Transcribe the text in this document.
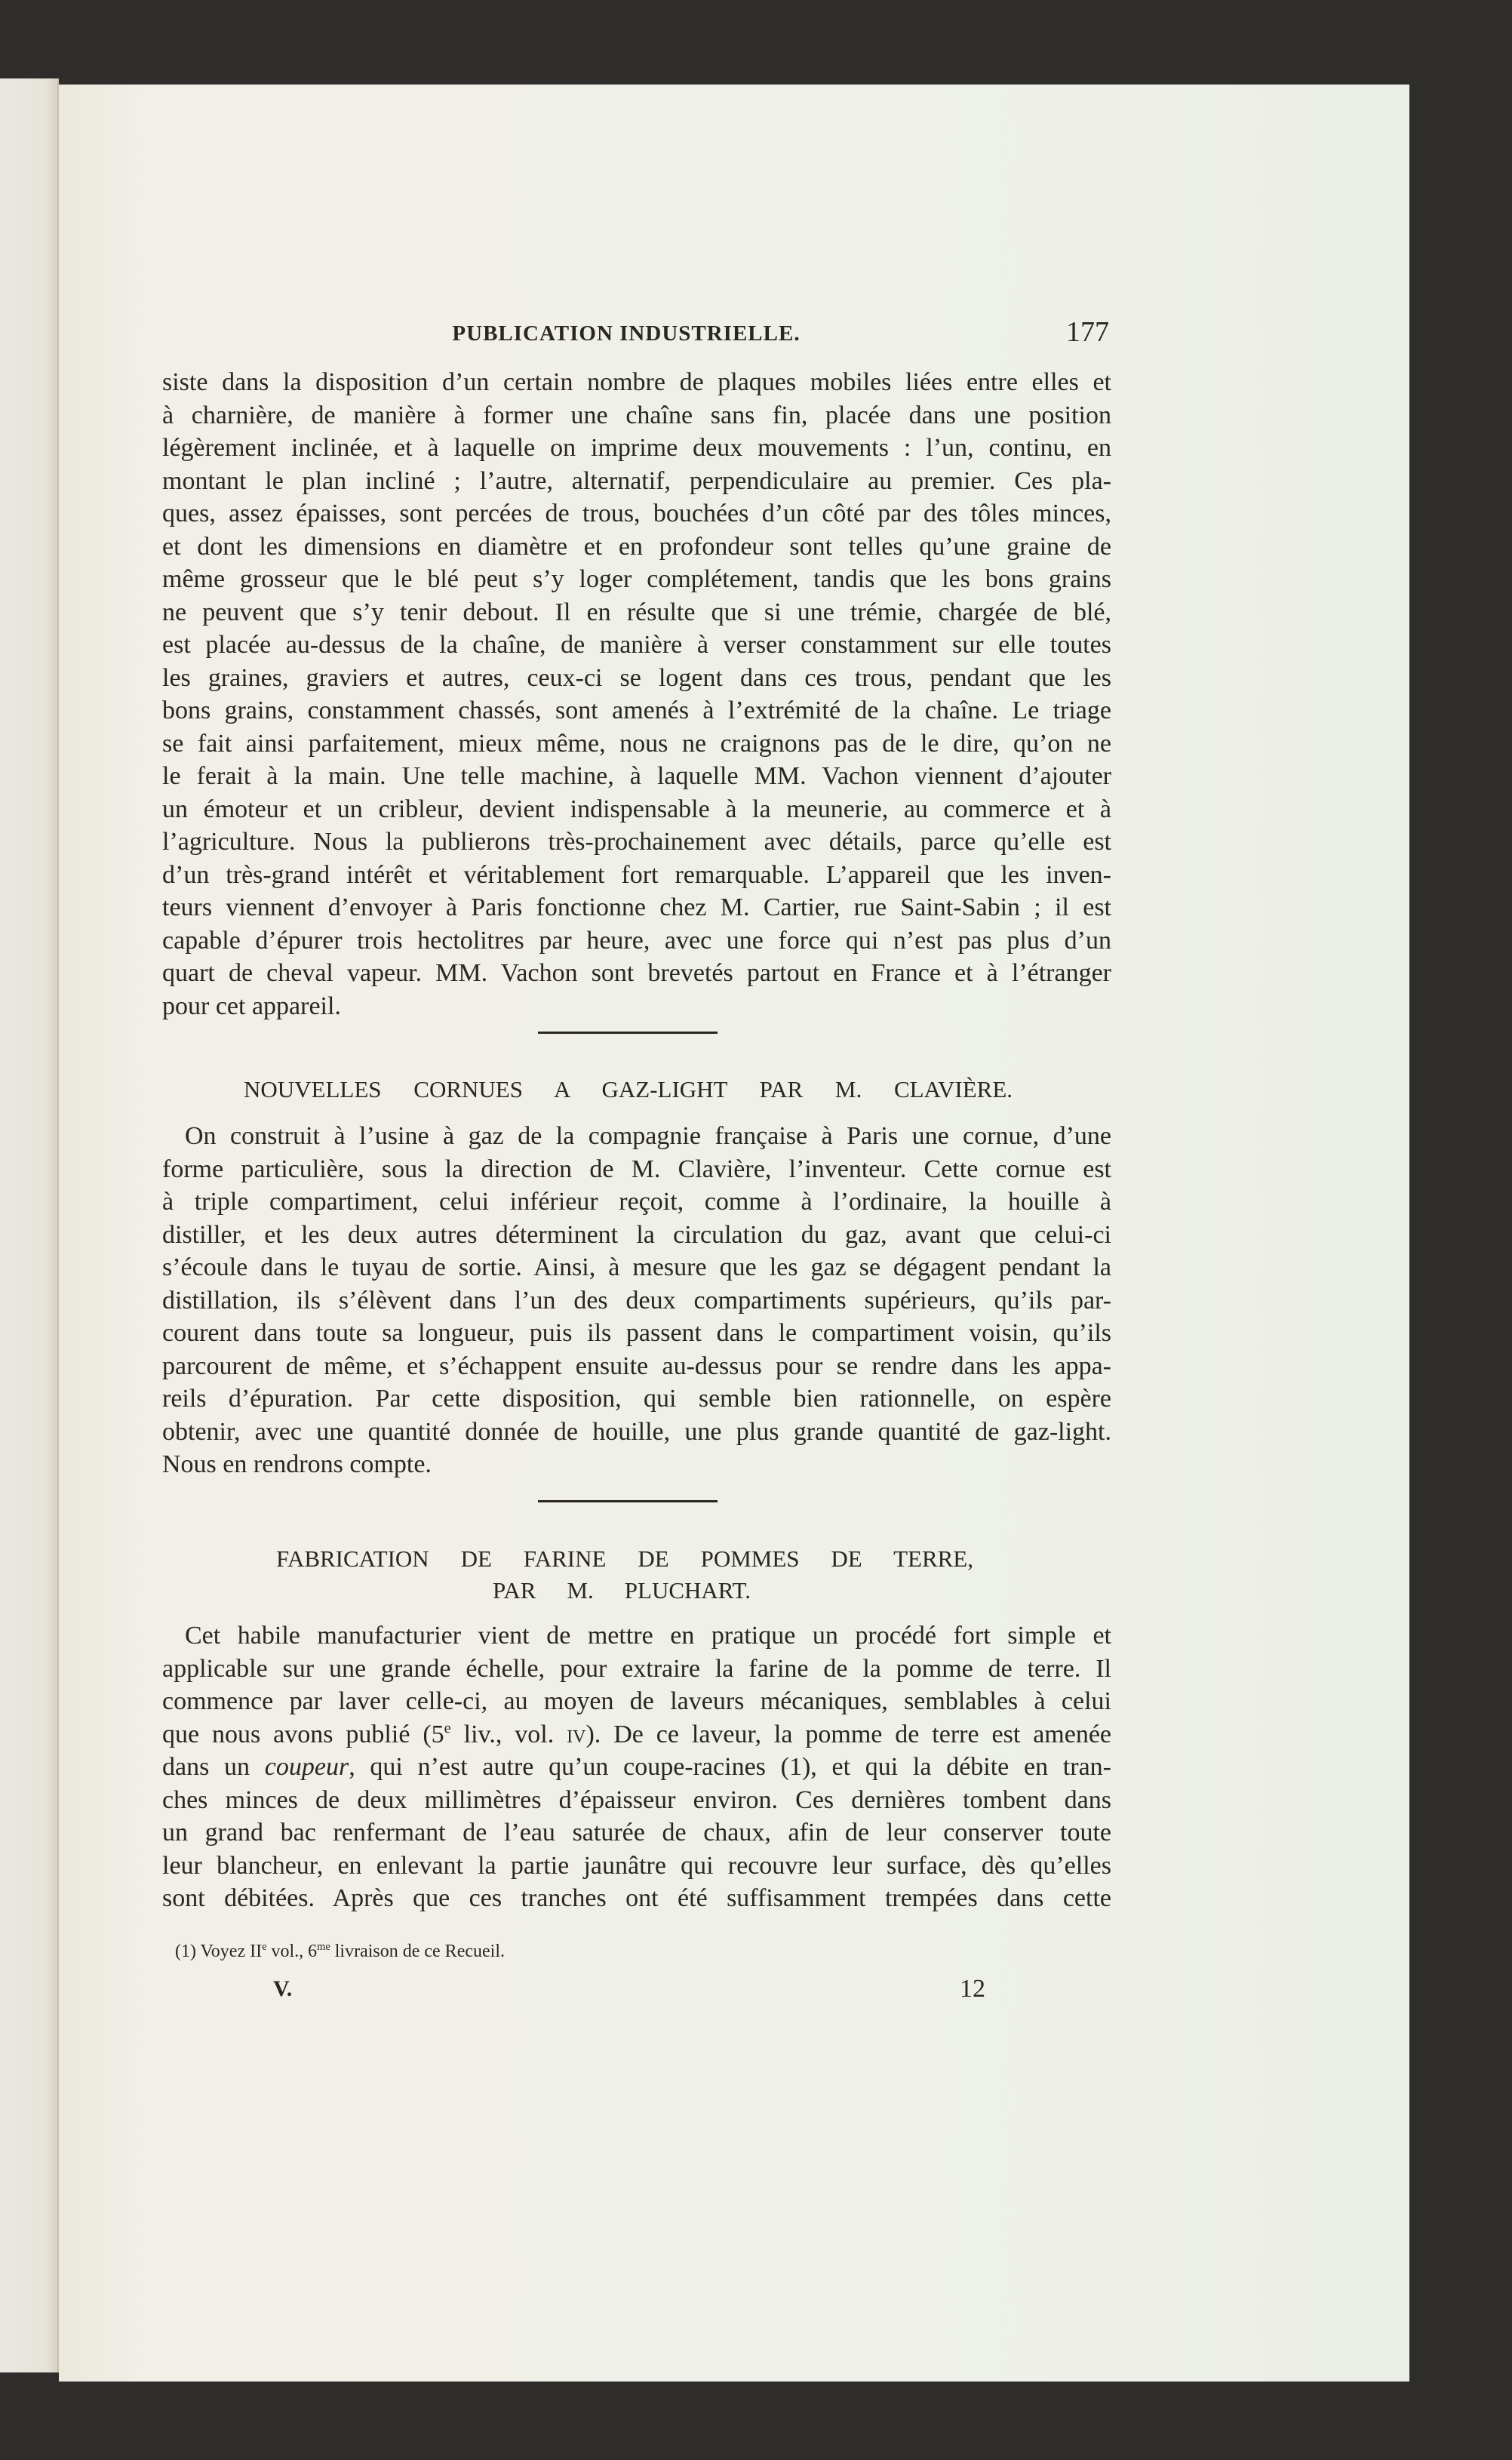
PUBLICATION INDUSTRIELLE.	177
siste dans la disposition d’un certain nombre de plaques mobiles liées entre elles et
à charnière, de manière à former une chaîne sans fin, placée dans une position
légèrement inclinée, et à laquelle on imprime deux mouvements : l’un, continu, en
montant le plan incliné ; l’autre, alternatif, perpendiculaire au premier. Ces pla-
ques, assez épaisses, sont percées de trous, bouchées d’un côté par des tôles minces,
et dont les dimensions en diamètre et en profondeur sont telles qu’une graine de
même grosseur que le blé peut s’y loger complétement, tandis que les bons grains
ne peuvent que s’y tenir debout. Il en résulte que si une trémie, chargée de blé,
est placée au-dessus de la chaîne, de manière à verser constamment sur elle toutes
les graines, graviers et autres, ceux-ci se logent dans ces trous, pendant que les
bons grains, constamment chassés, sont amenés à l’extrémité de la chaîne. Le triage
se fait ainsi parfaitement, mieux même, nous ne craignons pas de le dire, qu’on ne
le ferait à la main. Une telle machine, à laquelle MM. Vachon viennent d’ajouter
un émoteur et un cribleur, devient indispensable à la meunerie, au commerce et à
l’agriculture. Nous la publierons très-prochainement avec détails, parce qu’elle est
d’un très-grand intérêt et véritablement fort remarquable. L’appareil que les inven-
teurs viennent d’envoyer à Paris fonctionne chez M. Cartier, rue Saint-Sabin ; il est
capable d’épurer trois hectolitres par heure, avec une force qui n’est pas plus d’un
quart de cheval vapeur. MM. Vachon sont brevetés partout en France et à l’étranger
pour cet appareil.
NOUVELLES CORNUES A GAZ-LIGHT PAR M. CLAVIÈRE.
On construit à l’usine à gaz de la compagnie française à Paris une cornue, d’une
forme particulière, sous la direction de M. Clavière, l’inventeur. Cette cornue est
à triple compartiment, celui inférieur reçoit, comme à l’ordinaire, la houille à
distiller, et les deux autres déterminent la circulation du gaz, avant que celui-ci
s’écoule dans le tuyau de sortie. Ainsi, à mesure que les gaz se dégagent pendant la
distillation, ils s’élèvent dans l’un des deux compartiments supérieurs, qu’ils par-
courent dans toute sa longueur, puis ils passent dans le compartiment voisin, qu’ils
parcourent de même, et s’échappent ensuite au-dessus pour se rendre dans les appa-
reils d’épuration. Par cette disposition, qui semble bien rationnelle, on espère
obtenir, avec une quantité donnée de houille, une plus grande quantité de gaz-light.
Nous en rendrons compte.
FABRICATION DE FARINE DE POMMES DE TERRE,
PAR M. PLUCHART.
Cet habile manufacturier vient de mettre en pratique un procédé fort simple et
applicable sur une grande échelle, pour extraire la farine de la pomme de terre. Il
commence par laver celle-ci, au moyen de laveurs mécaniques, semblables à celui
que nous avons publié (5e liv., vol. iv). De ce laveur, la pomme de terre est amenée
dans un coupeur, qui n’est autre qu’un coupe-racines (1), et qui la débite en tran-
ches minces de deux millimètres d’épaisseur environ. Ces dernières tombent dans
un grand bac renfermant de l’eau saturée de chaux, afin de leur conserver toute
leur blancheur, en enlevant la partie jaunâtre qui recouvre leur surface, dès qu’elles
sont débitées. Après que ces tranches ont été suffisamment trempées dans cette
(1) Voyez IIe vol., $6^{me}$ livraison de ce Recueil.
V.	12
